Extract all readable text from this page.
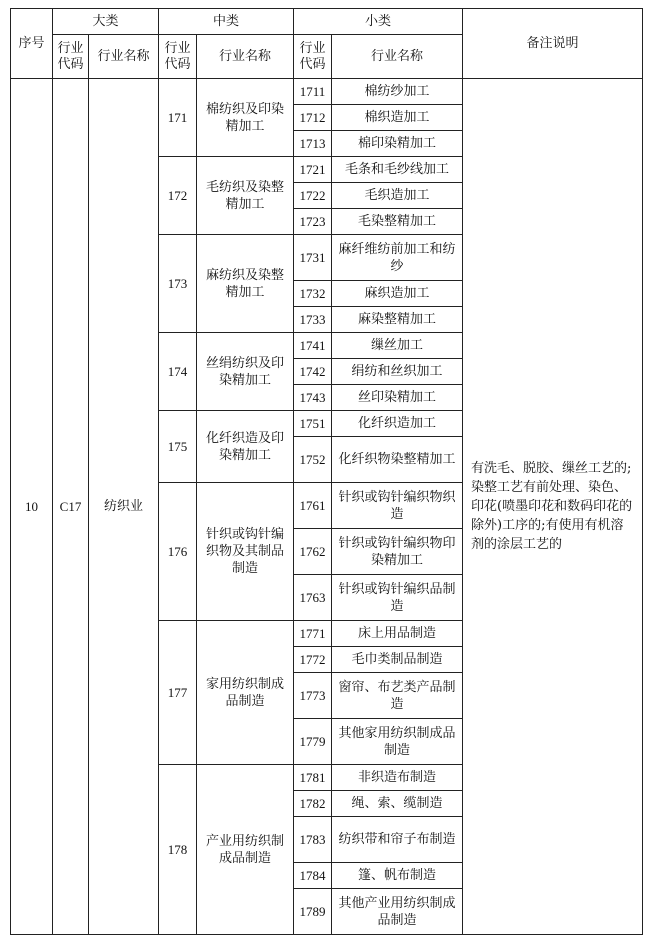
序号	大类		中类		小类		备注说明
	行业代码	行业名称	行业代码	行业名称	行业代码	行业名称	
10	C17	纺织业	171	棉纺织及印染精加工	1711	棉纺纱加工	有洗毛、脱胶、缫丝工艺的;染整工艺有前处理、染色、印花(喷墨印花和数码印花的除外)工序的;有使用有机溶剂的涂层工艺的
					1712	棉织造加工	
					1713	棉印染精加工	
			172	毛纺织及染整精加工	1721	毛条和毛纱线加工	
					1722	毛织造加工	
					1723	毛染整精加工	
			173	麻纺织及染整精加工	1731	麻纤维纺前加工和纺纱	
					1732	麻织造加工	
					1733	麻染整精加工	
			174	丝绢纺织及印染精加工	1741	缫丝加工	
					1742	绢纺和丝织加工	
					1743	丝印染精加工	
			175	化纤织造及印染精加工	1751	化纤织造加工	
					1752	化纤织物染整精加工	
			176	针织或钩针编织物及其制品制造	1761	针织或钩针编织物织造	
					1762	针织或钩针编织物印染精加工	
					1763	针织或钩针编织品制造	
			177	家用纺织制成品制造	1771	床上用品制造	
					1772	毛巾类制品制造	
					1773	窗帘、布艺类产品制造	
					1779	其他家用纺织制成品制造	
			178	产业用纺织制成品制造	1781	非织造布制造	
					1782	绳、索、缆制造	
					1783	纺织带和帘子布制造	
					1784	篷、帆布制造	
					1789	其他产业用纺织制成品制造	
